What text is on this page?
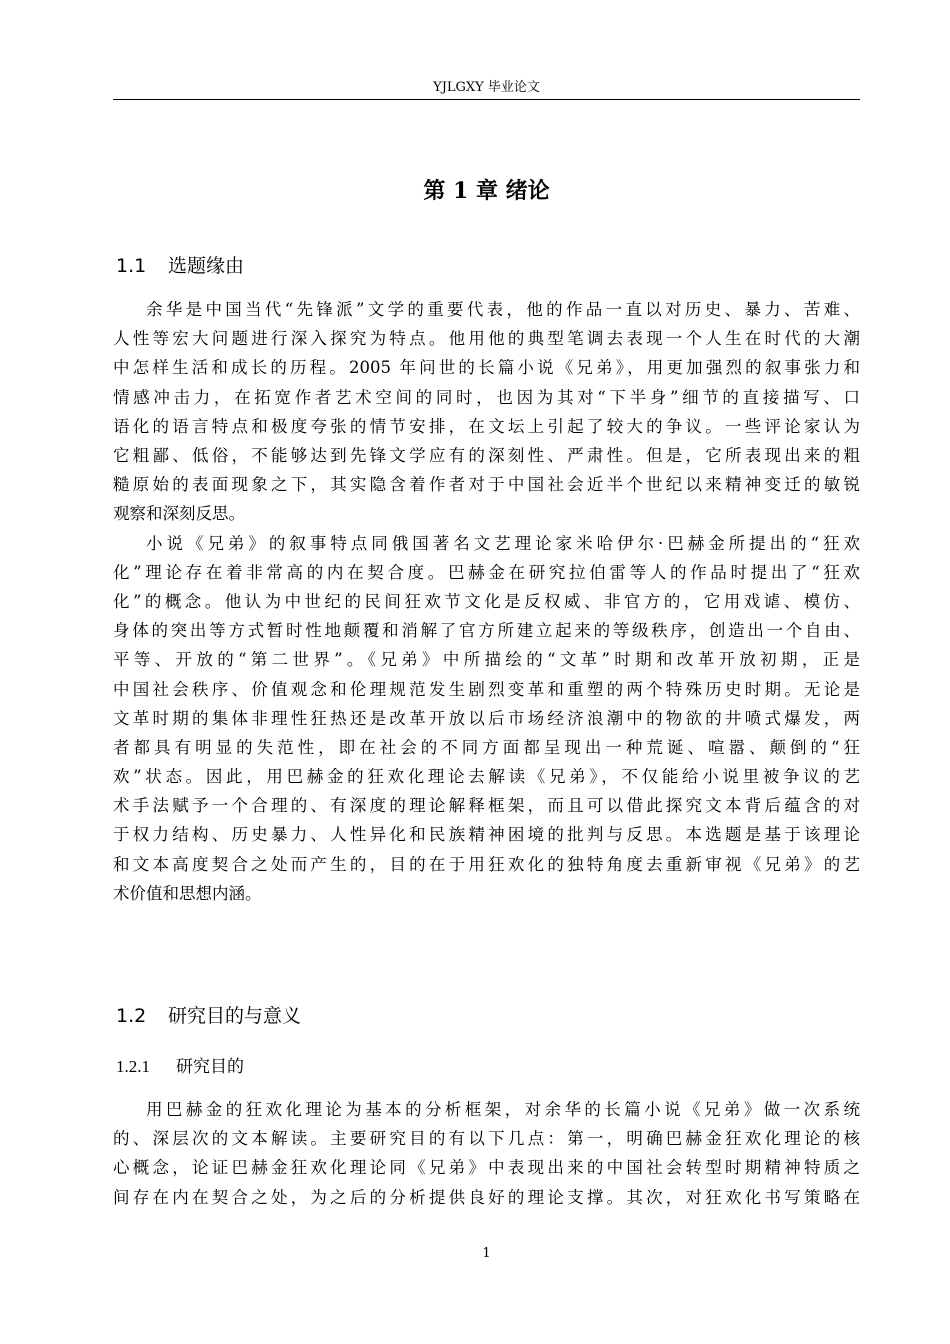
YJLGXY 毕业论文
第 1 章 绪论
1.1 选题缘由
余华是中国当代“先锋派”文学的重要代表，他的作品一直以对历史、暴力、苦难、
人性等宏大问题进行深入探究为特点。他用他的典型笔调去表现一个人生在时代的大潮
中怎样生活和成长的历程。2005 年问世的长篇小说《兄弟》，用更加强烈的叙事张力和
情感冲击力，在拓宽作者艺术空间的同时，也因为其对“下半身”细节的直接描写、口
语化的语言特点和极度夸张的情节安排，在文坛上引起了较大的争议。一些评论家认为
它粗鄙、低俗，不能够达到先锋文学应有的深刻性、严肃性。但是，它所表现出来的粗
糙原始的表面现象之下，其实隐含着作者对于中国社会近半个世纪以来精神变迁的敏锐
观察和深刻反思。
小说《兄弟》的叙事特点同俄国著名文艺理论家米哈伊尔·巴赫金所提出的“狂欢
化”理论存在着非常高的内在契合度。巴赫金在研究拉伯雷等人的作品时提出了“狂欢
化”的概念。他认为中世纪的民间狂欢节文化是反权威、非官方的，它用戏谑、模仿、
身体的突出等方式暂时性地颠覆和消解了官方所建立起来的等级秩序，创造出一个自由、
平等、开放的“第二世界”。《兄弟》中所描绘的“文革”时期和改革开放初期，正是
中国社会秩序、价值观念和伦理规范发生剧烈变革和重塑的两个特殊历史时期。无论是
文革时期的集体非理性狂热还是改革开放以后市场经济浪潮中的物欲的井喷式爆发，两
者都具有明显的失范性，即在社会的不同方面都呈现出一种荒诞、喧嚣、颠倒的“狂
欢”状态。因此，用巴赫金的狂欢化理论去解读《兄弟》，不仅能给小说里被争议的艺
术手法赋予一个合理的、有深度的理论解释框架，而且可以借此探究文本背后蕴含的对
于权力结构、历史暴力、人性异化和民族精神困境的批判与反思。本选题是基于该理论
和文本高度契合之处而产生的，目的在于用狂欢化的独特角度去重新审视《兄弟》的艺
术价值和思想内涵。
1.2 研究目的与意义
1.2.1 研究目的
用巴赫金的狂欢化理论为基本的分析框架，对余华的长篇小说《兄弟》做一次系统
的、深层次的文本解读。主要研究目的有以下几点：第一，明确巴赫金狂欢化理论的核
心概念，论证巴赫金狂欢化理论同《兄弟》中表现出来的中国社会转型时期精神特质之
间存在内在契合之处，为之后的分析提供良好的理论支撑。其次，对狂欢化书写策略在
1
